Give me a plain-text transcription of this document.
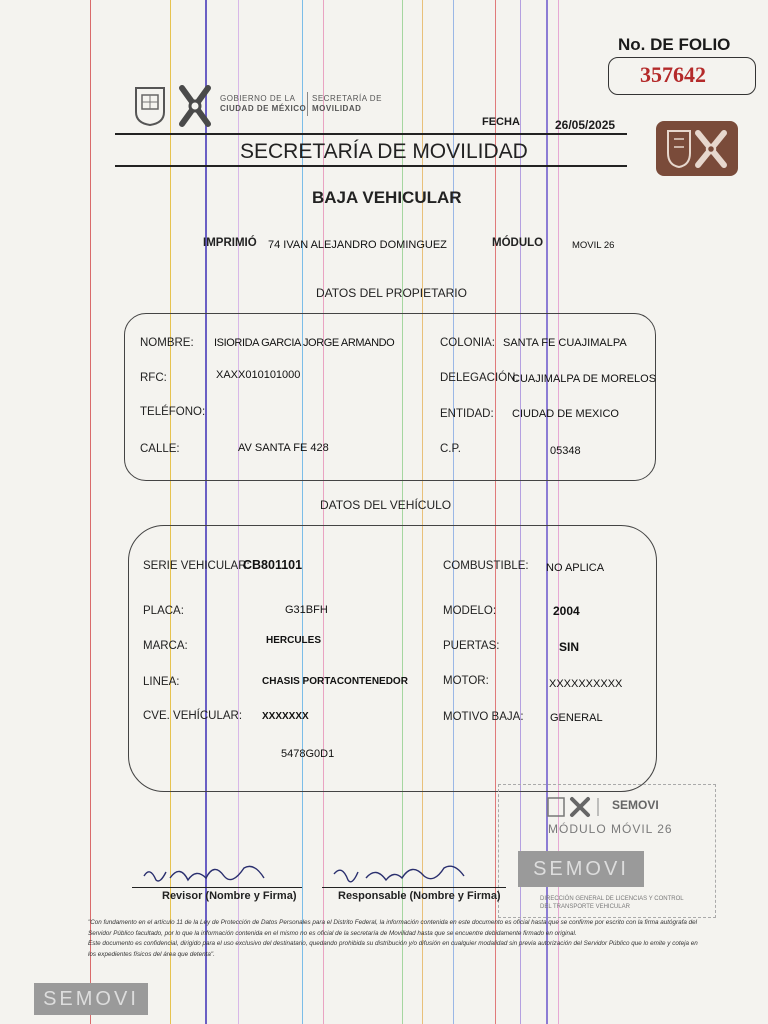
No. DE FOLIO
357642
GOBIERNO DE LA
CIUDAD DE MÉXICO
SECRETARÍA DE
MOVILIDAD
FECHA	26/05/2025
SECRETARÍA DE MOVILIDAD
BAJA VEHICULAR
IMPRIMIÓ 74 IVAN ALEJANDRO DOMINGUEZ	MÓDULO	MOVIL 26
DATOS DEL PROPIETARIO
NOMBRE: ISIORIDA GARCIA JORGE ARMANDO
RFC:	XAXX010101000
TELÉFONO:
CALLE:	AV SANTA FE 428
COLONIA: SANTA FE CUAJIMALPA
DELEGACIÓN:
CUAJIMALPA DE MORELOS
ENTIDAD: CIUDAD DE MEXICO
C.P.	05348
DATOS DEL VEHÍCULO
SERIE VEHICULAR:
CB801101
PLACA:	G31BFH
MARCA:	HERCULES
LINEA:	CHASIS PORTACONTENEDOR
CVE. VEHÍCULAR: XXXXXXX
5478G0D1
COMBUSTIBLE: NO APLICA
MODELO:	2004
PUERTAS:	SIN
MOTOR:	XXXXXXXXXX
MOTIVO BAJA: GENERAL
SEMOVI
MÓDULO MÓVIL 26
SEMOVI
DIRECCIÓN GENERAL DE LICENCIAS Y CONTROL DEL TRANSPORTE VEHICULAR
Revisor (Nombre y Firma)	Responsable (Nombre y Firma)
"Con fundamento en el artículo 11 de la Ley de Protección de Datos Personales para el Distrito Federal, la información contenida en este documento es oficial hasta que se confirme por escrito con la firma autógrafa del Servidor Público facultado, por lo que la información contenida en el mismo no es oficial de la secretaría de Movilidad hasta que se encuentre debidamente firmado en original.
Este documento es confidencial, dirigido para el uso exclusivo del destinatario, quedando prohibida su distribución y/o difusión en cualquier modalidad sin previa autorización del Servidor Público que lo emite y coteja en los expedientes físicos del área que detenta".
SEMOVI
